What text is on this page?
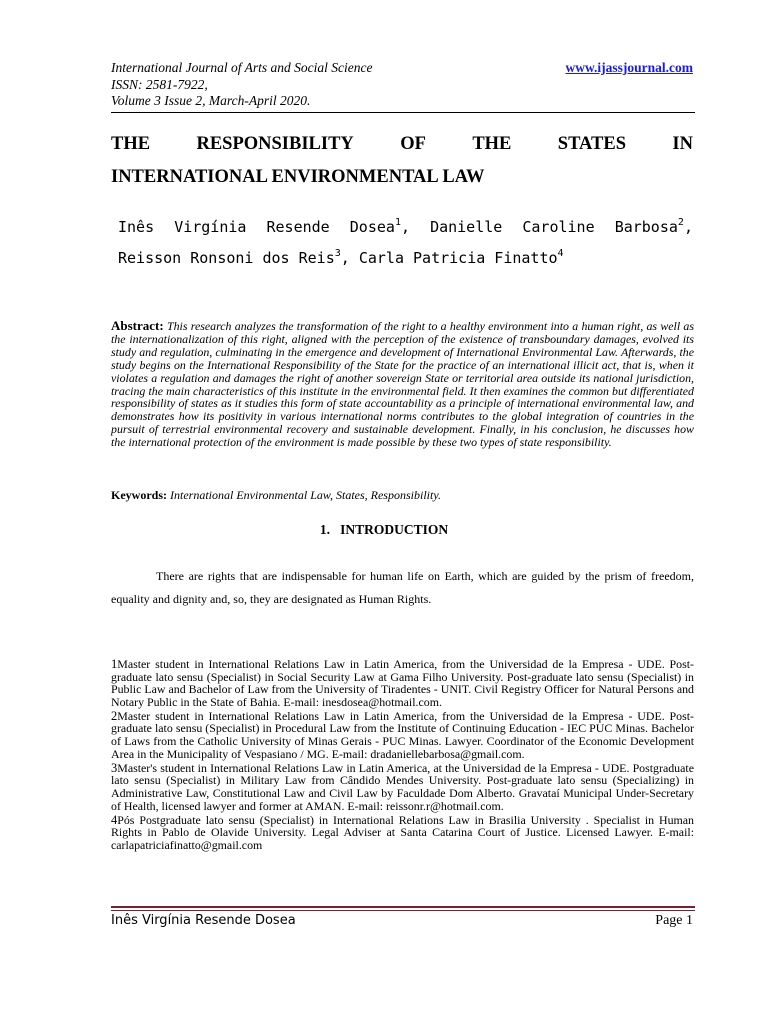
International Journal of Arts and Social Science
ISSN: 2581-7922,
Volume 3 Issue 2, March-April 2020.
www.ijassjournal.com
THE	RESPONSIBILITY	OF	THE	STATES	IN
INTERNATIONAL ENVIRONMENTAL LAW
Inês Virgínia Resende Dosea$^1$, Danielle Caroline Barbosa$^2$,
Reisson Ronsoni dos Reis$^3$, Carla Patricia Finatto$^4$
Abstract: This research analyzes the transformation of the right to a healthy environment into a human right, as well as the internationalization of this right, aligned with the perception of the existence of transboundary damages, evolved its study and regulation, culminating in the emergence and development of International Environmental Law. Afterwards, the study begins on the International Responsibility of the State for the practice of an international illicit act, that is, when it violates a regulation and damages the right of another sovereign State or territorial area outside its national jurisdiction, tracing the main characteristics of this institute in the environmental field. It then examines the common but differentiated responsibility of states as it studies this form of state accountability as a principle of international environmental law, and demonstrates how its positivity in various international norms contributes to the global integration of countries in the pursuit of terrestrial environmental recovery and sustainable development. Finally, in his conclusion, he discusses how the international protection of the environment is made possible by these two types of state responsibility.
Keywords: International Environmental Law, States, Responsibility.
1.   INTRODUCTION
There are rights that are indispensable for human life on Earth, which are guided by the prism of freedom, equality and dignity and, so, they are designated as Human Rights.

1Master student in International Relations Law in Latin America, from the Universidad de la Empresa - UDE. Post-graduate lato sensu (Specialist) in Social Security Law at Gama Filho University. Post-graduate lato sensu (Specialist) in Public Law and Bachelor of Law from the University of Tiradentes - UNIT. Civil Registry Officer for Natural Persons and Notary Public in the State of Bahia. E-mail: inesdosea@hotmail.com.

2Master student in International Relations Law in Latin America, from the Universidad de la Empresa - UDE. Post-graduate lato sensu (Specialist) in Procedural Law from the Institute of Continuing Education - IEC PUC Minas. Bachelor of Laws from the Catholic University of Minas Gerais - PUC Minas. Lawyer. Coordinator of the Economic Development Area in the Municipality of Vespasiano / MG. E-mail: dradaniellebarbosa@gmail.com.

3Master's student in International Relations Law in Latin America, at the Universidad de la Empresa - UDE. Postgraduate lato sensu (Specialist) in Military Law from Cândido Mendes University. Post-graduate lato sensu (Specializing) in Administrative Law, Constitutional Law and Civil Law by Faculdade Dom Alberto. Gravataí Municipal Under-Secretary of Health, licensed lawyer and former at AMAN. E-mail: reissonr.r@hotmail.com.

4Pós Postgraduate lato sensu (Specialist) in International Relations Law in Brasilia University . Specialist in Human Rights in Pablo de Olavide University. Legal Adviser at Santa Catarina Court of Justice. Licensed Lawyer. E-mail: carlapatriciafinatto@gmail.com

Inês Virgínia Resende Dosea	Page 1
